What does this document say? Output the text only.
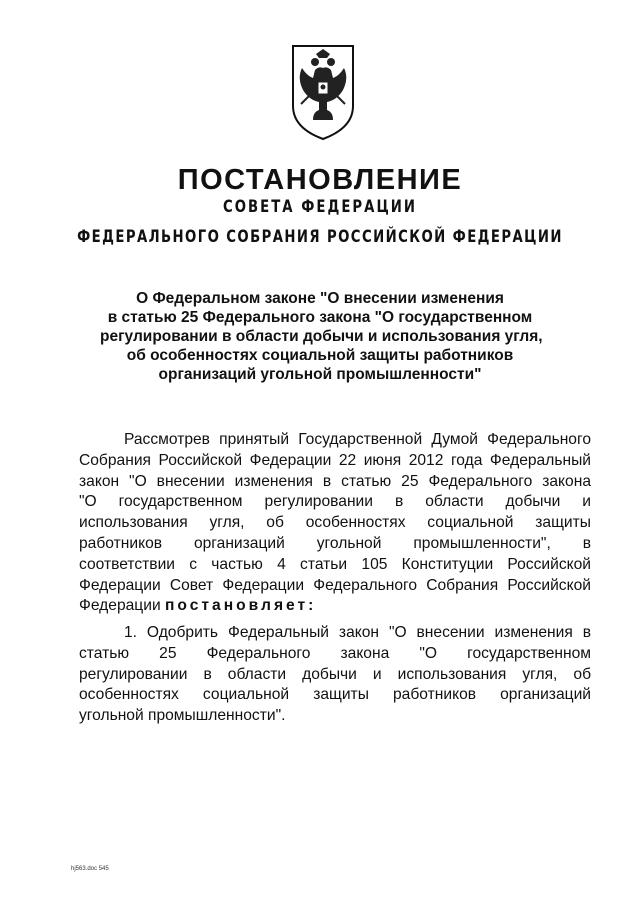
ПОСТАНОВЛЕНИЕ
СОВЕТА ФЕДЕРАЦИИ
ФЕДЕРАЛЬНОГО СОБРАНИЯ РОССИЙСКОЙ ФЕДЕРАЦИИ
О Федеральном законе "О внесении изменения
в статью 25 Федерального закона "О государственном
регулировании в области добычи и использования угля,
об особенностях социальной защиты работников
организаций угольной промышленности"
Рассмотрев принятый Государственной Думой Федерального
Собрания Российской Федерации 22 июня 2012 года Федеральный
закон "О внесении изменения в статью 25 Федерального закона
"О государственном регулировании в области добычи и
использования угля, об особенностях социальной защиты
работников организаций угольной промышленности", в
соответствии с частью 4 статьи 105 Конституции Российской
Федерации Совет Федерации Федерального Собрания Российской
Федерации постановляет:
1. Одобрить Федеральный закон "О внесении изменения в
статью 25 Федерального закона "О государственном
регулировании в области добычи и использования угля, об
особенностях социальной защиты работников организаций
угольной промышленности".
hj563.doc 545
